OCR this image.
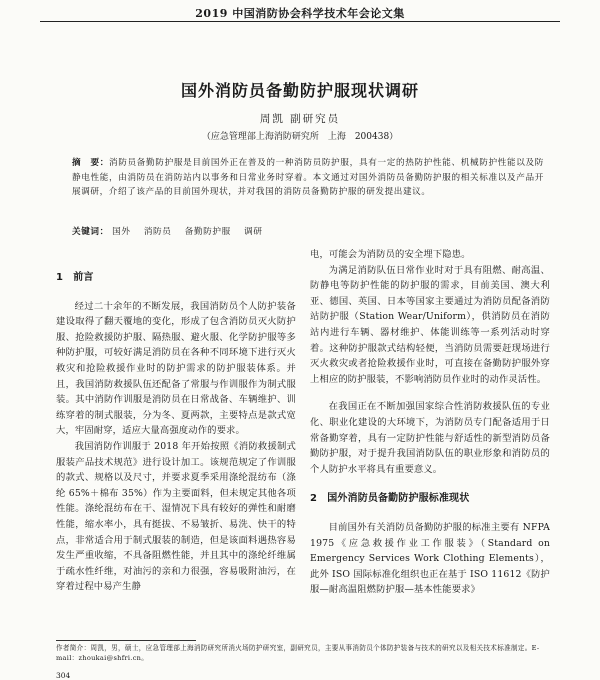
2019 中国消防协会科学技术年会论文集
国外消防员备勤防护服现状调研
周凯 副研究员
（应急管理部上海消防研究所　上海　200438）
摘　要：消防员备勤防护服是目前国外正在普及的一种消防员防护服，具有一定的热防护性能、机械防护性能以及防静电性能，由消防员在消防站内以事务和日常业务时穿着。本文通过对国外消防员备勤防护服的相关标准以及产品开展调研，介绍了该产品的目前国外现状，并对我国的消防员备勤防护服的研发提出建议。
关键词： 国外 消防员 备勤防护服 调研
1　前言

经过二十余年的不断发展，我国消防员个人防护装备建设取得了翻天覆地的变化，形成了包含消防员灭火防护服、抢险救援防护服、隔热服、避火服、化学防护服等多种防护服，可较好满足消防员在各种不同环境下进行灭火救灾和抢险救援作业时的防护需求的防护服装体系。并且，我国消防救援队伍还配备了常服与作训服作为制式服装。其中消防作训服是消防员在日常战备、车辆维护、训练穿着的制式服装，分为冬、夏两款，主要特点是款式宽大，牢固耐穿，适应大量高强度动作的要求。

我国消防作训服于 2018 年开始按照《消防救援制式服装产品技术规范》进行设计加工。该规范规定了作训服的款式、规格以及尺寸，并要求夏季采用涤纶混纺布（涤纶 65%＋棉布 35%）作为主要面料，但未规定其他各项性能。涤纶混纺布在干、湿情况下具有较好的弹性和耐磨性能，缩水率小，具有挺拔、不易皱折、易洗、快干的特点，非常适合用于制式服装的制造，但是该面料遇热容易发生严重收缩，不具备阻燃性能，并且其中的涤纶纤维属于疏水性纤维，对油污的亲和力很强，容易吸附油污，在穿着过程中易产生静

电，可能会为消防员的安全埋下隐患。

为满足消防队伍日常作业时对于具有阻燃、耐高温、防静电等防护性能的防护服的需求，目前美国、澳大利亚、德国、英国、日本等国家主要通过为消防员配备消防站防护服（Station Wear/Uniform），供消防员在消防站内进行车辆、器材维护、体能训练等一系列活动时穿着。这种防护服款式结构轻便，当消防员需要赶现场进行灭火救灾或者抢险救援作业时，可直接在备勤防护服外穿上相应的防护服装，不影响消防员作业时的动作灵活性。

在我国正在不断加强国家综合性消防救援队伍的专业化、职业化建设的大环境下，为消防员专门配备适用于日常备勤穿着，具有一定防护性能与舒适性的新型消防员备勤防护服，对于提升我国消防队伍的职业形象和消防员的个人防护水平将具有重要意义。

2　国外消防员备勤防护服标准现状

目前国外有关消防员备勤防护服的标准主要有 NFPA 1975《应急救援作业工作服装》（Standard on Emergency Services Work Clothing Elements），此外 ISO 国际标准化组织也正在基于 ISO 11612《防护服—耐高温阻燃防护服—基本性能要求》

作者简介：周凯，男，硕士，应急管理部上海消防研究所消火场防护研究室，副研究员，主要从事消防员个体防护装备与技术的研究以及相关技术标准制定。E-mail：zhoukai@shfri.cn。
304
